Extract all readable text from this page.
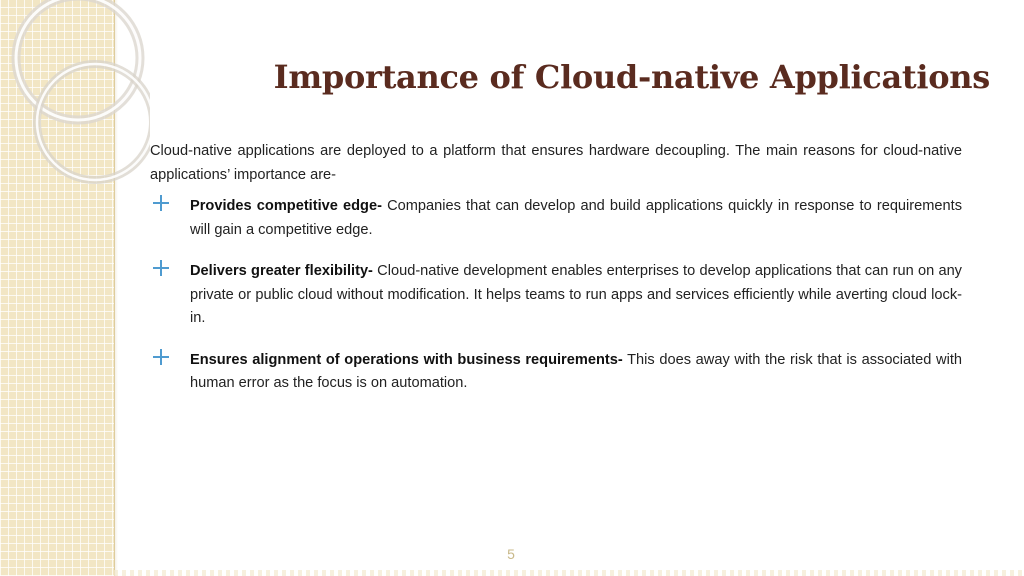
Importance of Cloud-native Applications

Cloud-native applications are deployed to a platform that ensures hardware decoupling. The main reasons for cloud-native applications’ importance are-

Provides competitive edge- Companies that can develop and build applications quickly in response to requirements will gain a competitive edge.
Delivers greater flexibility- Cloud-native development enables enterprises to develop applications that can run on any private or public cloud without modification. It helps teams to run apps and services efficiently while averting cloud lock-in.
Ensures alignment of operations with business requirements- This does away with the risk that is associated with human error as the focus is on automation.
5
